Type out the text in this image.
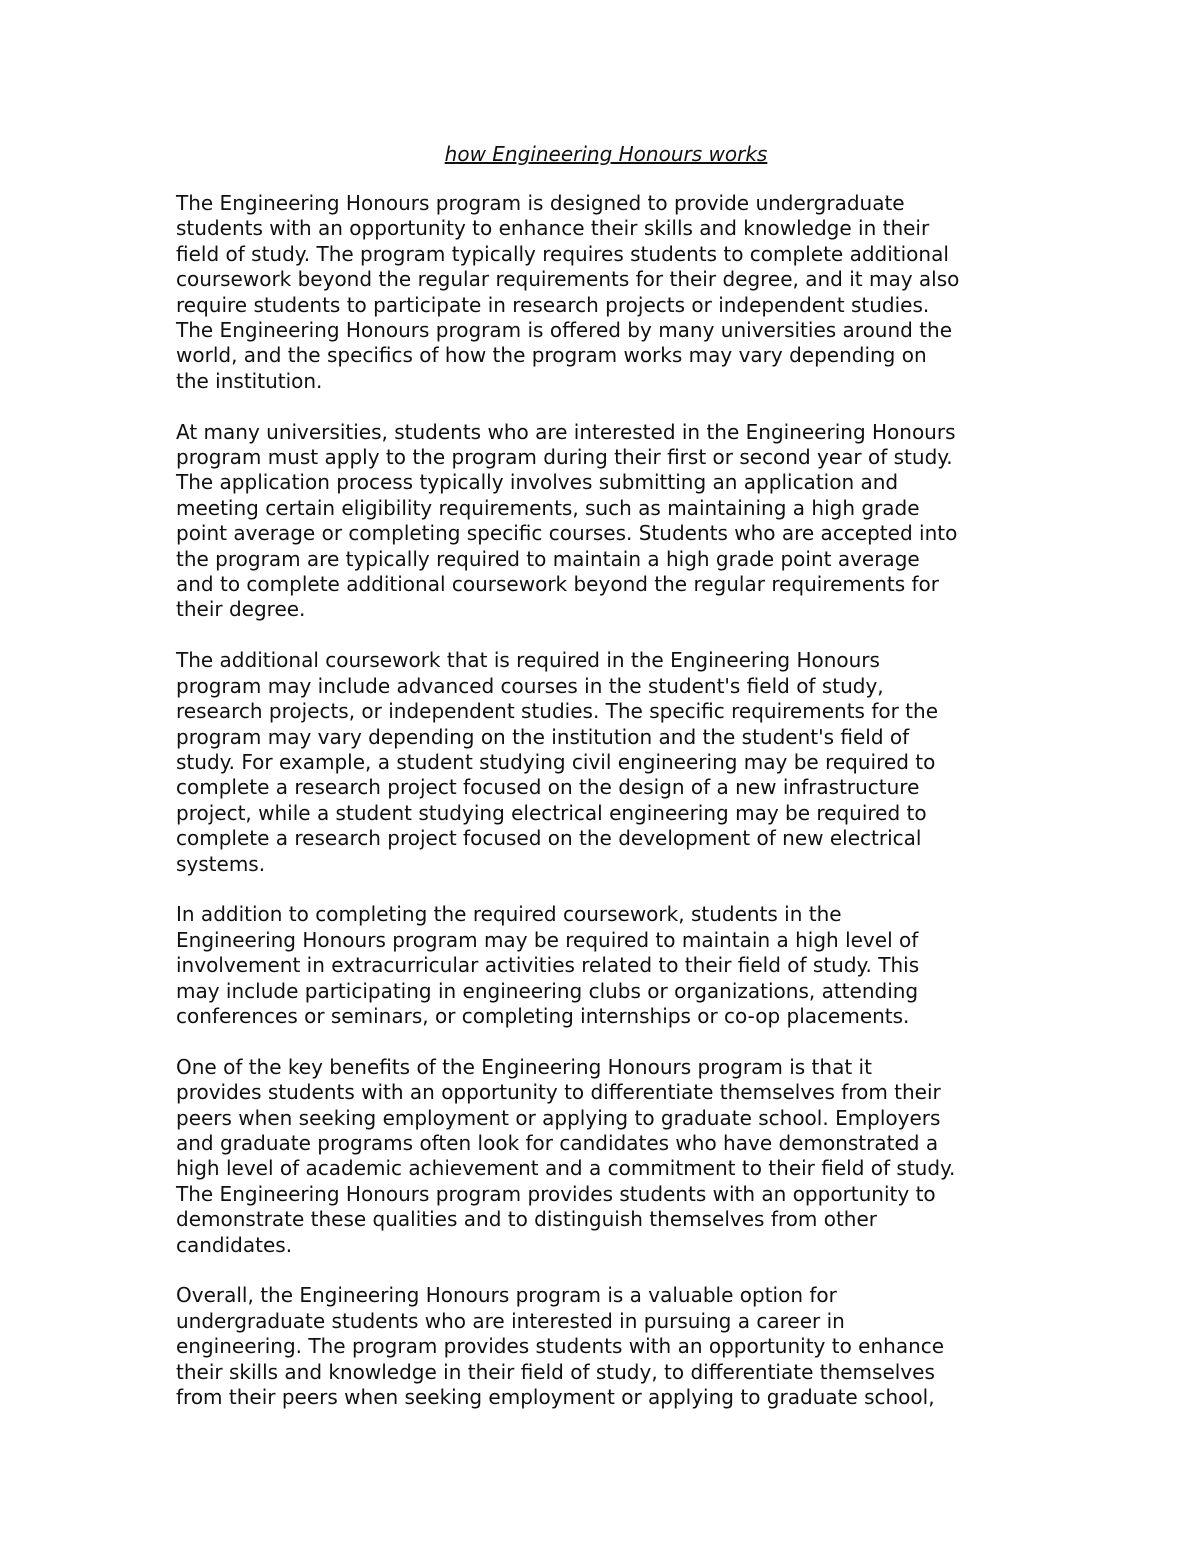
how Engineering Honours works

The Engineering Honours program is designed to provide undergraduate
students with an opportunity to enhance their skills and knowledge in their
field of study. The program typically requires students to complete additional
coursework beyond the regular requirements for their degree, and it may also
require students to participate in research projects or independent studies.
The Engineering Honours program is offered by many universities around the
world, and the specifics of how the program works may vary depending on
the institution.

At many universities, students who are interested in the Engineering Honours
program must apply to the program during their first or second year of study.
The application process typically involves submitting an application and
meeting certain eligibility requirements, such as maintaining a high grade
point average or completing specific courses. Students who are accepted into
the program are typically required to maintain a high grade point average
and to complete additional coursework beyond the regular requirements for
their degree.

The additional coursework that is required in the Engineering Honours
program may include advanced courses in the student's field of study,
research projects, or independent studies. The specific requirements for the
program may vary depending on the institution and the student's field of
study. For example, a student studying civil engineering may be required to
complete a research project focused on the design of a new infrastructure
project, while a student studying electrical engineering may be required to
complete a research project focused on the development of new electrical
systems.

In addition to completing the required coursework, students in the
Engineering Honours program may be required to maintain a high level of
involvement in extracurricular activities related to their field of study. This
may include participating in engineering clubs or organizations, attending
conferences or seminars, or completing internships or co-op placements.

One of the key benefits of the Engineering Honours program is that it
provides students with an opportunity to differentiate themselves from their
peers when seeking employment or applying to graduate school. Employers
and graduate programs often look for candidates who have demonstrated a
high level of academic achievement and a commitment to their field of study.
The Engineering Honours program provides students with an opportunity to
demonstrate these qualities and to distinguish themselves from other
candidates.

Overall, the Engineering Honours program is a valuable option for
undergraduate students who are interested in pursuing a career in
engineering. The program provides students with an opportunity to enhance
their skills and knowledge in their field of study, to differentiate themselves
from their peers when seeking employment or applying to graduate school,
